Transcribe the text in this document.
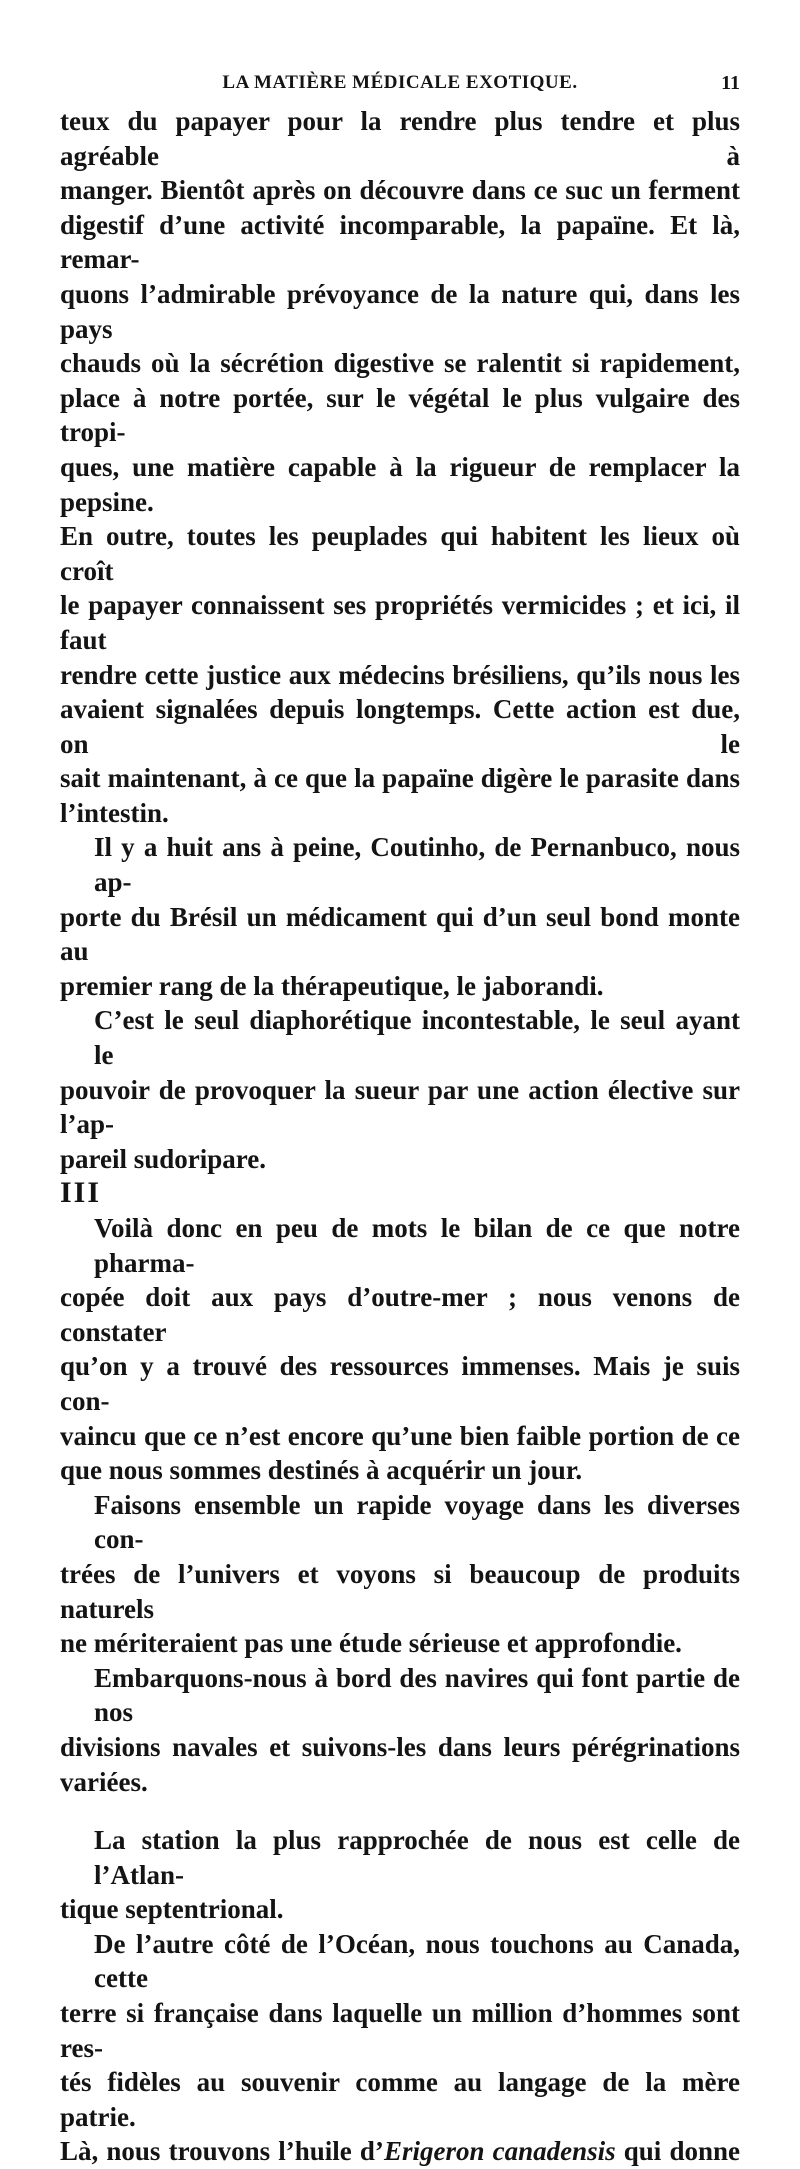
LA MATIÈRE MÉDICALE EXOTIQUE.	11

teux du papayer pour la rendre plus tendre et plus agréable à

manger. Bientôt après on découvre dans ce suc un ferment

digestif d’une activité incomparable, la papaïne. Et là, remar-

quons l’admirable prévoyance de la nature qui, dans les pays

chauds où la sécrétion digestive se ralentit si rapidement,

place à notre portée, sur le végétal le plus vulgaire des tropi-

ques, une matière capable à la rigueur de remplacer la pepsine.

En outre, toutes les peuplades qui habitent les lieux où croît

le papayer connaissent ses propriétés vermicides ; et ici, il faut

rendre cette justice aux médecins brésiliens, qu’ils nous les

avaient signalées depuis longtemps. Cette action est due, on le

sait maintenant, à ce que la papaïne digère le parasite dans

l’intestin.

Il y a huit ans à peine, Coutinho, de Pernanbuco, nous ap-

porte du Brésil un médicament qui d’un seul bond monte au

premier rang de la thérapeutique, le jaborandi.

C’est le seul diaphorétique incontestable, le seul ayant le

pouvoir de provoquer la sueur par une action élective sur l’ap-

pareil sudoripare.

III

Voilà donc en peu de mots le bilan de ce que notre pharma-

copée doit aux pays d’outre-mer ; nous venons de constater

qu’on y a trouvé des ressources immenses. Mais je suis con-

vaincu que ce n’est encore qu’une bien faible portion de ce

que nous sommes destinés à acquérir un jour.

Faisons ensemble un rapide voyage dans les diverses con-

trées de l’univers et voyons si beaucoup de produits naturels

ne mériteraient pas une étude sérieuse et approfondie.

Embarquons-nous à bord des navires qui font partie de nos

divisions navales et suivons-les dans leurs pérégrinations

variées.

La station la plus rapprochée de nous est celle de l’Atlan-

tique septentrional.

De l’autre côté de l’Océan, nous touchons au Canada, cette

terre si française dans laquelle un million d’hommes sont res-

tés fidèles au souvenir comme au langage de la mère patrie.

Là, nous trouvons l’huile d’Erigeron canadensis qui donne
